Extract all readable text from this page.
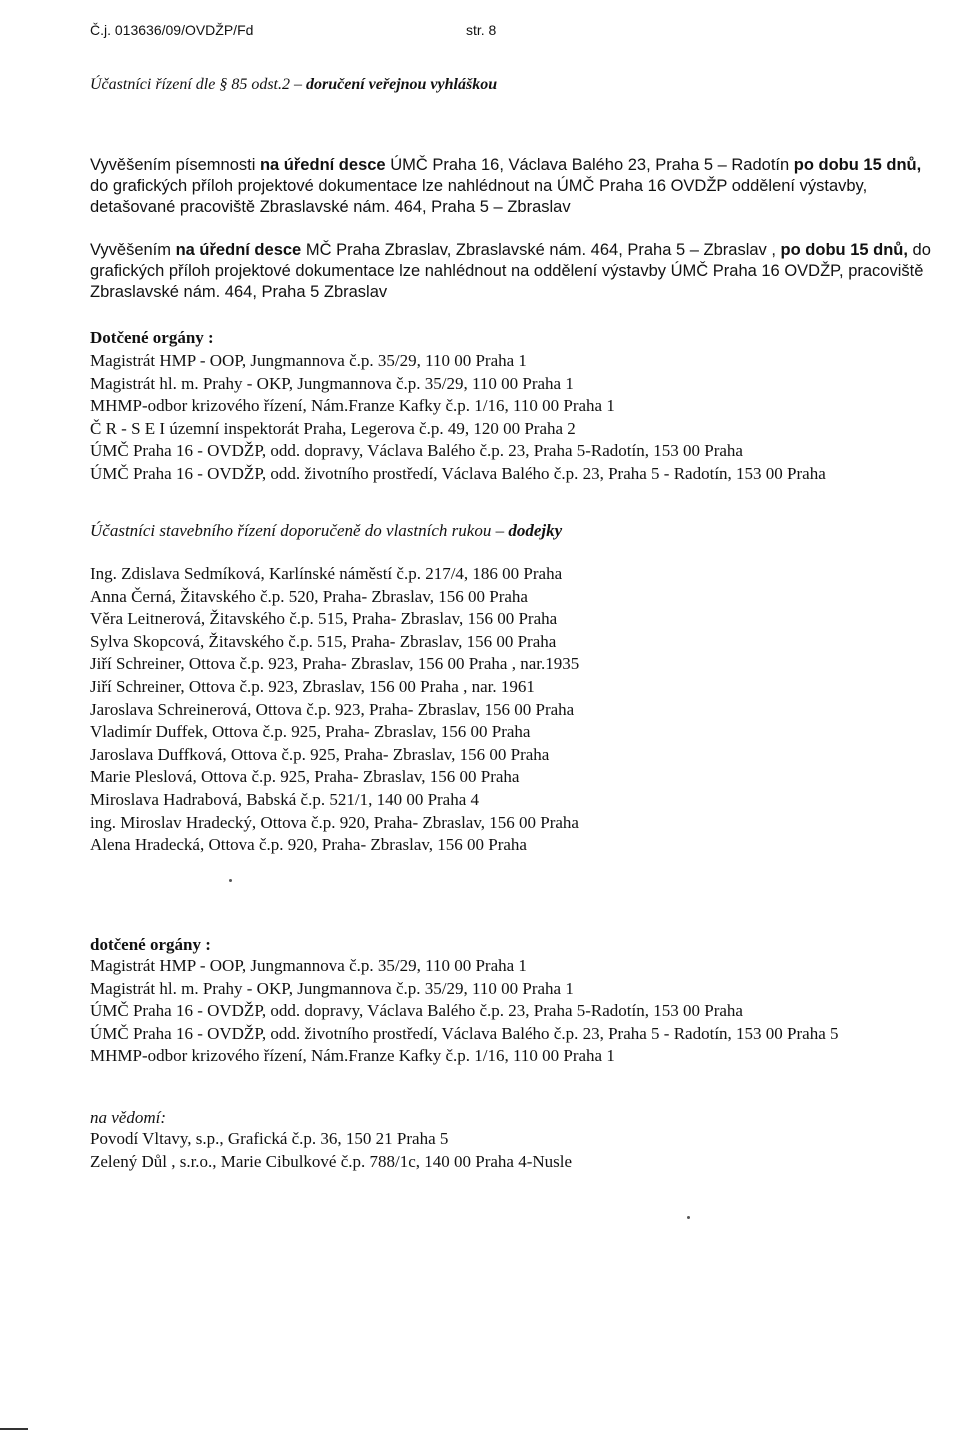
Č.j. 013636/09/OVDŽP/Fd	str. 8
Účastníci řízení dle § 85 odst.2 – doručení veřejnou vyhláškou
Vyvěšením písemnosti na úřední desce ÚMČ Praha 16, Václava Balého 23, Praha 5 – Radotín po dobu 15 dnů, do grafických příloh projektové dokumentace lze nahlédnout na ÚMČ Praha 16 OVDŽP oddělení výstavby, detašované pracoviště Zbraslavské nám. 464, Praha 5 – Zbraslav
Vyvěšením na úřední desce MČ Praha Zbraslav, Zbraslavské nám. 464, Praha 5 – Zbraslav , po dobu 15 dnů, do grafických příloh projektové dokumentace lze nahlédnout na oddělení výstavby ÚMČ Praha 16 OVDŽP, pracoviště Zbraslavské nám. 464, Praha 5 Zbraslav
Dotčené orgány :
Magistrát HMP - OOP, Jungmannova č.p. 35/29, 110 00 Praha 1
Magistrát hl. m. Prahy - OKP, Jungmannova č.p. 35/29, 110 00 Praha 1
MHMP-odbor krizového řízení, Nám.Franze Kafky č.p. 1/16, 110 00 Praha 1
Č R - S E I územní inspektorát Praha, Legerova č.p. 49, 120 00 Praha 2
ÚMČ Praha 16 - OVDŽP, odd. dopravy, Václava Balého č.p. 23, Praha 5-Radotín, 153 00 Praha
ÚMČ Praha 16 - OVDŽP, odd. životního prostředí, Václava Balého č.p. 23, Praha 5 - Radotín, 153 00 Praha
Účastníci stavebního řízení doporučeně do vlastních rukou – dodejky
Ing. Zdislava Sedmíková, Karlínské náměstí č.p. 217/4, 186 00 Praha
Anna Černá, Žitavského č.p. 520, Praha- Zbraslav, 156 00 Praha
Věra Leitnerová, Žitavského č.p. 515, Praha- Zbraslav, 156 00 Praha
Sylva Skopcová, Žitavského č.p. 515, Praha- Zbraslav, 156 00 Praha
Jiří Schreiner, Ottova č.p. 923, Praha- Zbraslav, 156 00 Praha , nar.1935
Jiří Schreiner, Ottova č.p. 923, Zbraslav, 156 00 Praha , nar. 1961
Jaroslava Schreinerová, Ottova č.p. 923, Praha- Zbraslav, 156 00 Praha
Vladimír Duffek, Ottova č.p. 925, Praha- Zbraslav, 156 00 Praha
Jaroslava Duffková, Ottova č.p. 925, Praha- Zbraslav, 156 00 Praha
Marie Pleslová, Ottova č.p. 925, Praha- Zbraslav, 156 00 Praha
Miroslava Hadrabová, Babská č.p. 521/1, 140 00 Praha 4
ing. Miroslav Hradecký, Ottova č.p. 920, Praha- Zbraslav, 156 00 Praha
Alena Hradecká, Ottova č.p. 920, Praha- Zbraslav, 156 00 Praha
dotčené orgány :
Magistrát HMP - OOP, Jungmannova č.p. 35/29, 110 00 Praha 1
Magistrát hl. m. Prahy - OKP, Jungmannova č.p. 35/29, 110 00 Praha 1
ÚMČ Praha 16 - OVDŽP, odd. dopravy, Václava Balého č.p. 23, Praha 5-Radotín, 153 00 Praha
ÚMČ Praha 16 - OVDŽP, odd. životního prostředí, Václava Balého č.p. 23, Praha 5 - Radotín, 153 00 Praha 5
MHMP-odbor krizového řízení, Nám.Franze Kafky č.p. 1/16, 110 00 Praha 1
na vědomí:
Povodí Vltavy, s.p., Grafická č.p. 36, 150 21 Praha 5
Zelený Důl , s.r.o., Marie Cibulkové č.p. 788/1c, 140 00 Praha 4-Nusle
